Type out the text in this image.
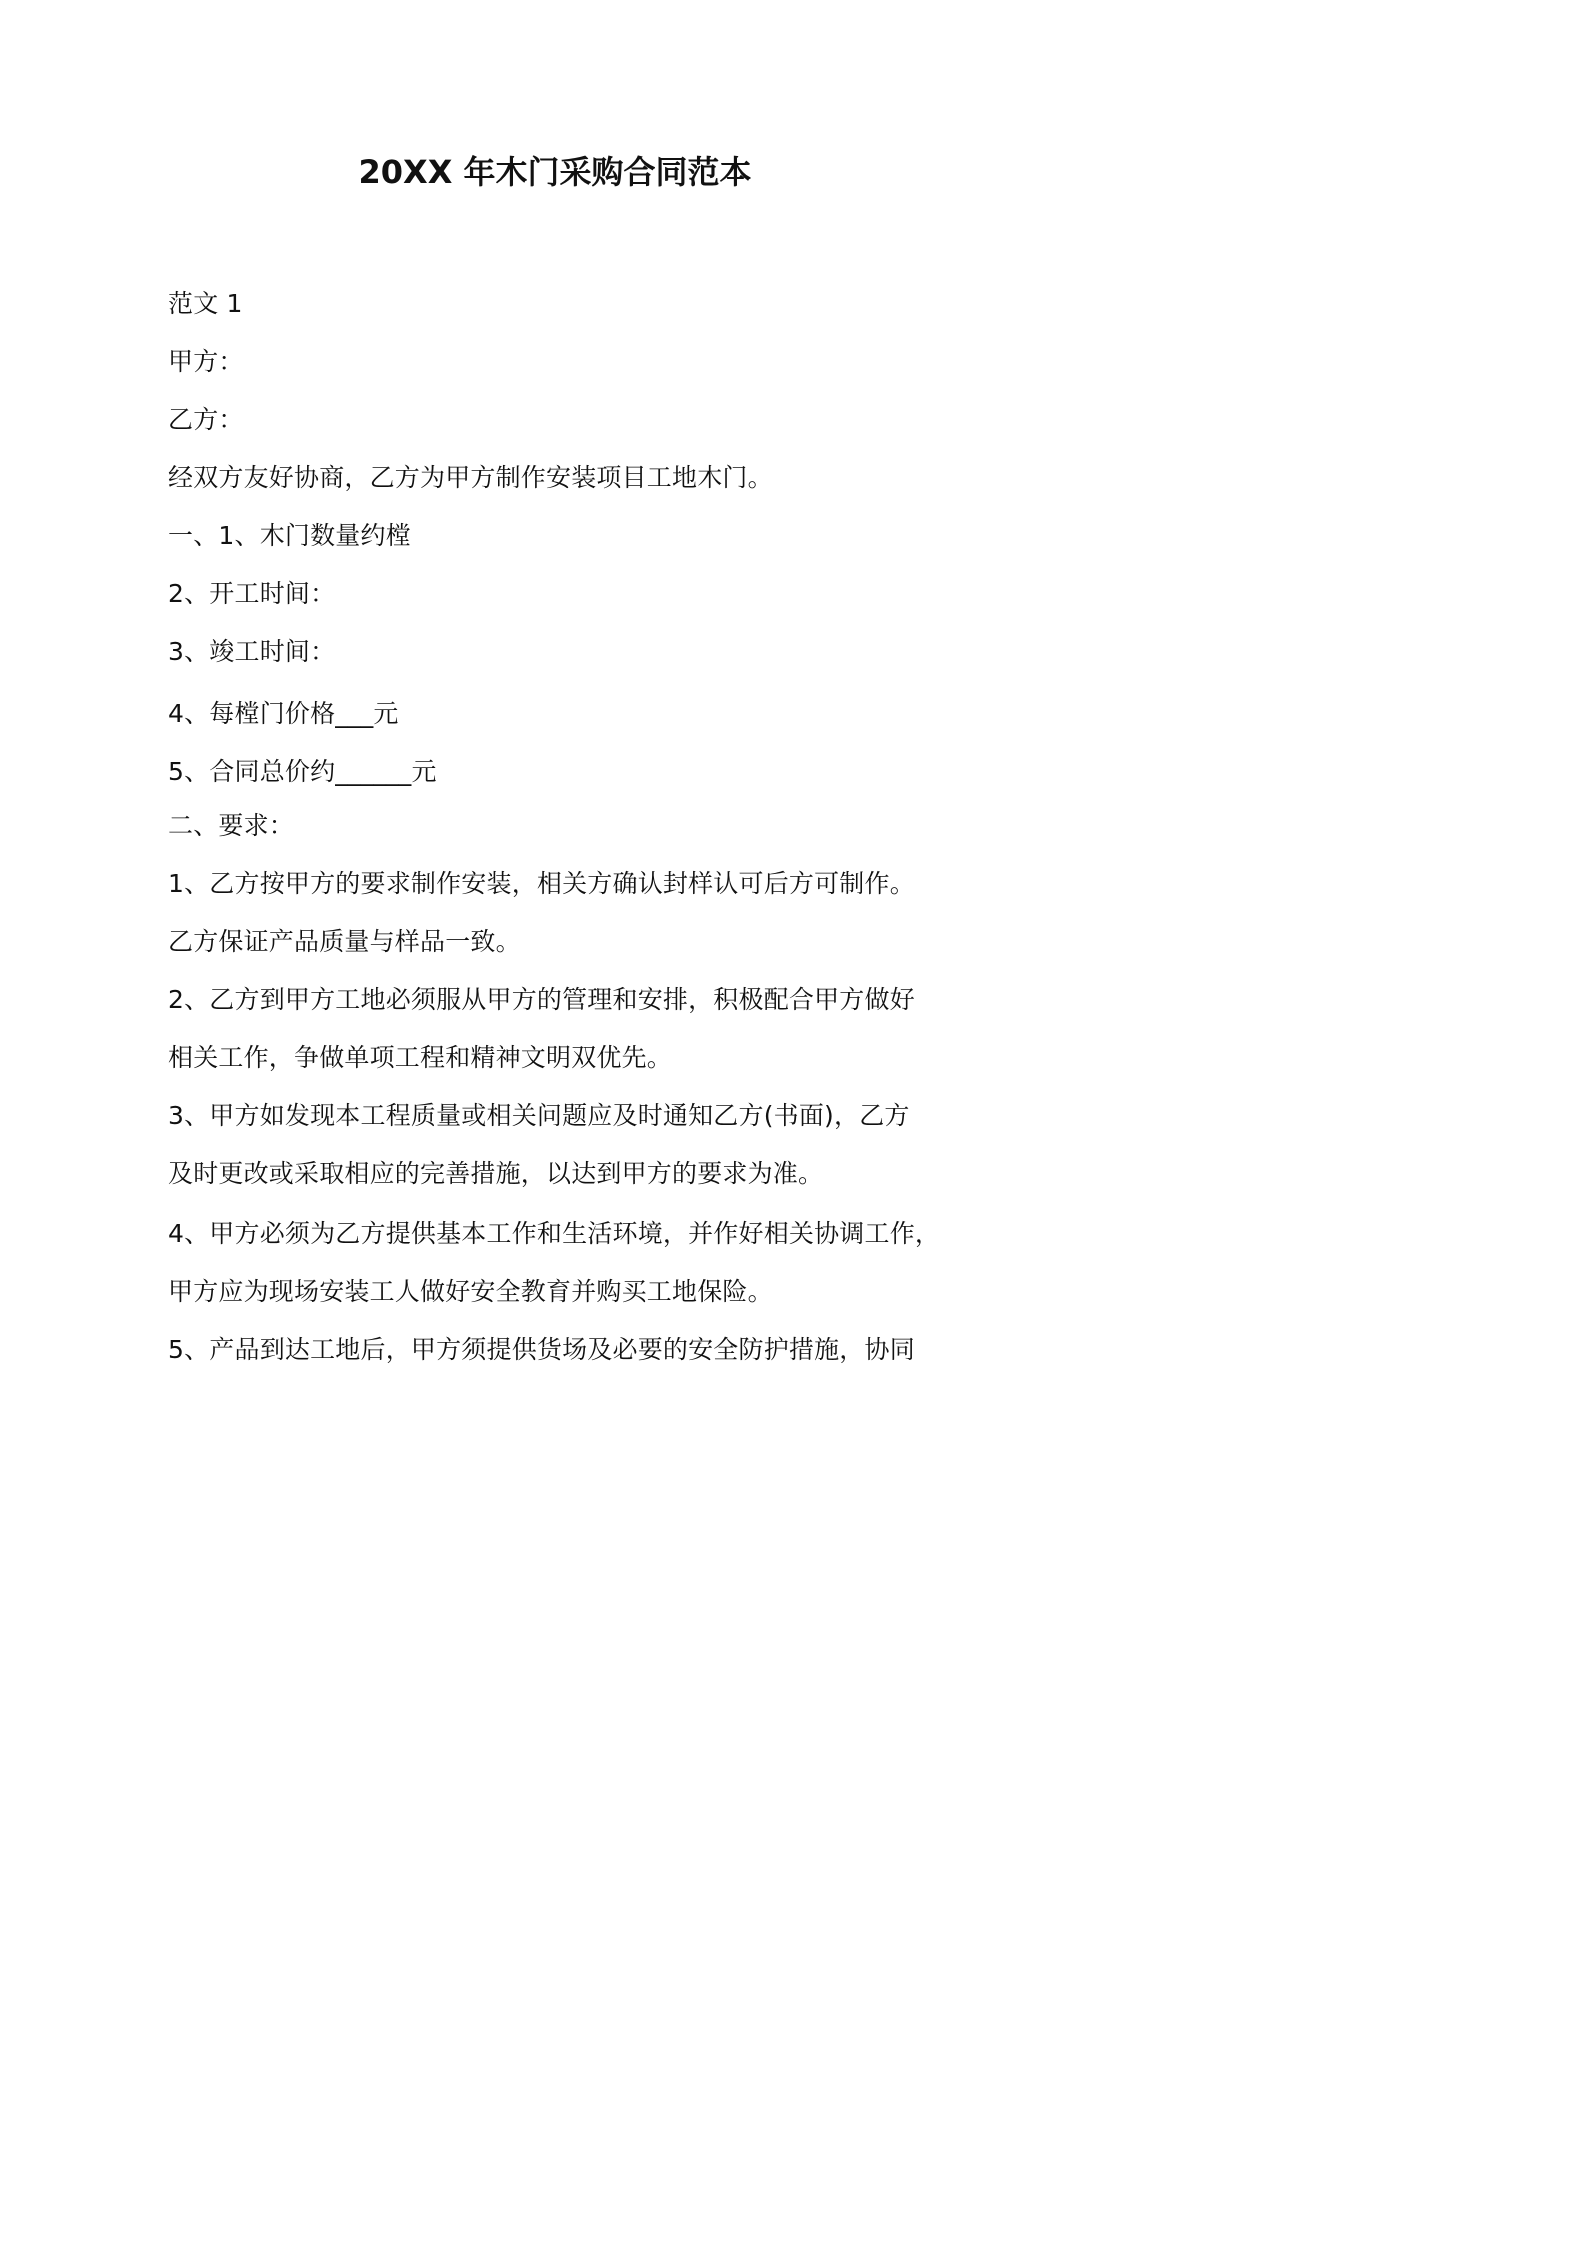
20XX 年木门采购合同范本
范文 1
甲方：
乙方：
经双方友好协商，乙方为甲方制作安装项目工地木门。
一、1、木门数量约樘
2、开工时间：
3、竣工时间：
4、每樘门价格___元
5、合同总价约______元
二、要求：
1、乙方按甲方的要求制作安装，相关方确认封样认可后方可制作。
乙方保证产品质量与样品一致。
2、乙方到甲方工地必须服从甲方的管理和安排，积极配合甲方做好
相关工作，争做单项工程和精神文明双优先。
3、甲方如发现本工程质量或相关问题应及时通知乙方(书面)，乙方
及时更改或采取相应的完善措施，以达到甲方的要求为准。
4、甲方必须为乙方提供基本工作和生活环境，并作好相关协调工作，
甲方应为现场安装工人做好安全教育并购买工地保险。
5、产品到达工地后，甲方须提供货场及必要的安全防护措施，协同
